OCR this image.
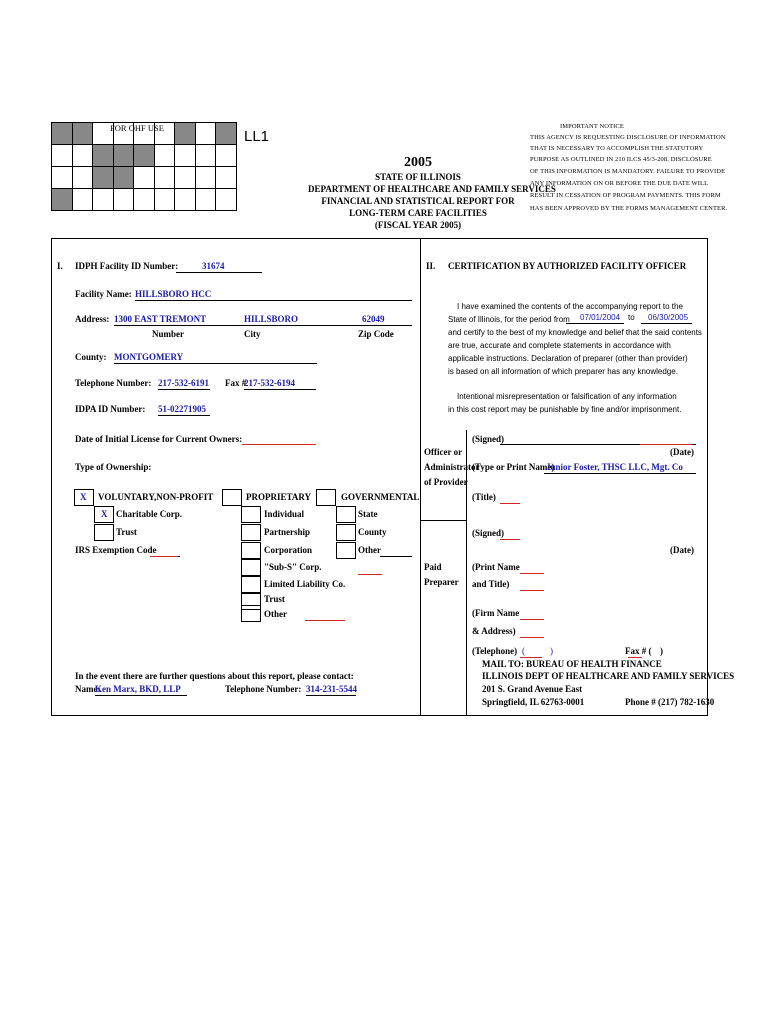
FOR OHF USE	LL1
2005
STATE OF ILLINOIS
DEPARTMENT OF HEALTHCARE AND FAMILY SERVICES
FINANCIAL AND STATISTICAL REPORT FOR
LONG-TERM CARE FACILITIES
(FISCAL YEAR 2005)
IMPORTANT NOTICE
THIS AGENCY IS REQUESTING DISCLOSURE OF INFORMATION
THAT IS NECESSARY TO ACCOMPLISH THE STATUTORY
PURPOSE AS OUTLINED IN 210 ILCS 45/3-208. DISCLOSURE
OF THIS INFORMATION IS MANDATORY. FAILURE TO PROVIDE
ANY INFORMATION ON OR BEFORE THE DUE DATE WILL
RESULT IN CESSATION OF PROGRAM PAYMENTS. THIS FORM
HAS BEEN APPROVED BY THE FORMS MANAGEMENT CENTER.
I. IDPH Facility ID Number:	31674
Facility Name: HILLSBORO HCC
Address: 1300 EAST TREMONT	HILLSBORO	62049
Number	City	Zip Code
County: MONTGOMERY
Telephone Number: 217-532-6191 Fax #
217-532-6194
IDPA ID Number: 51-02271905
Date of Initial License for Current Owners:
Type of Ownership:
X VOLUNTARY,NON-PROFIT
X Charitable Corp.
Trust
IRS Exemption Code
PROPRIETARY
Individual
Partnership
Corporation
"Sub-S" Corp.
Limited Liability Co.
Trust
Other
GOVERNMENTAL
State
County
Other
In the event there are further questions about this report, please contact:
Name:
Ken Marx, BKD, LLP	Telephone Number: 314-231-5544
II. CERTIFICATION BY AUTHORIZED FACILITY OFFICER
I have examined the contents of the accompanying report to the
State of Illinois, for the period from 07/01/2004 to 06/30/2005
and certify to the best of my knowledge and belief that the said contents
are true, accurate and complete statements in accordance with
applicable instructions. Declaration of preparer (other than provider)
is based on all information of which preparer has any knowledge.
Intentional misrepresentation or falsification of any information
in this cost report may be punishable by fine and/or imprisonment.
(Signed)
(Date)
Officer or
Administrator
of Provider
(Type or Print Name)
Junior Foster, THSC LLC, Mgt. Co
(Title)
(Signed)
(Date)
Paid
Preparer
(Print Name
and Title)
(Firm Name
& Address)
(Telephone) (	)	Fax # ( )
MAIL TO: BUREAU OF HEALTH FINANCE
ILLINOIS DEPT OF HEALTHCARE AND FAMILY SERVICES
201 S. Grand Avenue East
Springfield, IL 62763-0001	Phone # (217) 782-1630
